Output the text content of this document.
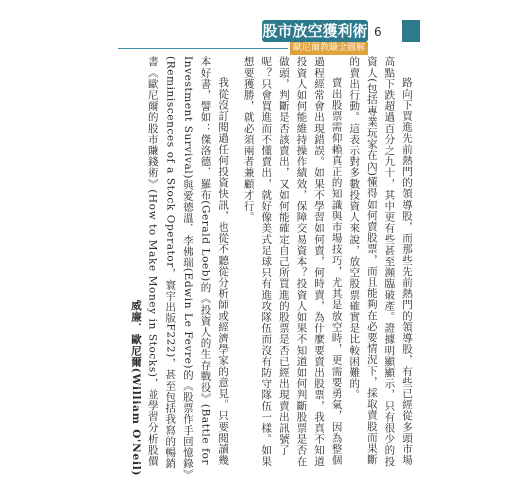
股市放空獲利術
歐尼爾教賺全圖解
6

路向下買進先前熱門的領導股，而那些先前熱門的領導股，有些已經從多頭市場高點下跌超過百分之九十，其中更有些甚至瀕臨破產。證據明顯顯示，只有很少的投資人(包括專業玩家在內)懂得如何賣股票，而且能夠在必要情況下，採取賣股而果斷的賣出行動。這表示對多數投資人來說，放空股票確實是比較困難的。

賣出股票需仰賴真正的知識與市場技巧，尤其是放空時，更需要勇氣，因為整個過程經常會出現錯誤。如果不學習如何賣，何時賣，為什麼要賣出股票，我真不知道投資人如何能維持操作績效，保障交易資本？投資人如果不知道如何判斷股票是否在做頭，判斷是否該賣出，又如何能確定自己所買進的股票是否已經出現賣出訊號了呢？只會買進而不懂賣出，就好像美式足球只有進攻隊伍而沒有防守隊伍一樣。如果想要獲勝，就必須兩者兼顧才行。

我從沒訂閱過任何投資快訊，也從不聽從分析師或經濟學家的意見。只要閱讀幾本好書，譬如：傑洛德．羅布(Gerald Loeb)的《投資人的生存戰役》(Battle for Investment Survival)與愛德溫．李佛瑞(Edwin Le Fevre)的《股票作手回憶錄》(Reminiscences of a Stock Operator，寰宇出版F222)，甚至包括我寫的暢銷書《歐尼爾的股市賺錢術》(How to Make Money in Stocks)，並學習分析股價

威廉．歐尼爾(William O'Neil)
